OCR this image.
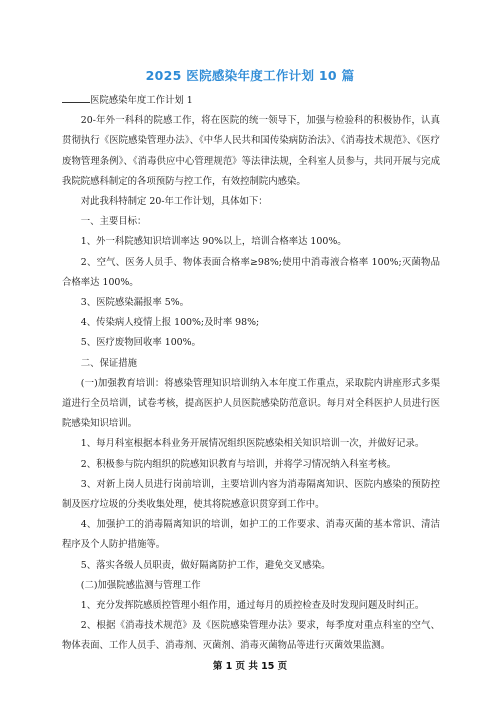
2025 医院感染年度工作计划 10 篇

医院感染年度工作计划 1

20-年外一科科的院感工作，将在医院的统一领导下，加强与检验科的积极协作，认真贯彻执行《医院感染管理办法》、《中华人民共和国传染病防治法》、《消毒技术规范》、《医疗废物管理条例》、《消毒供应中心管理规范》等法律法规，全科室人员参与，共同开展与完成我院院感科制定的各项预防与控工作，有效控制院内感染。

对此我科特制定 20-年工作计划，具体如下：

一、主要目标：

1、外一科院感知识培训率达 90%以上，培训合格率达 100%。

2、空气、医务人员手、物体表面合格率≥98%;使用中消毒液合格率 100%;灭菌物品合格率达 100%。

3、医院感染漏报率 5%。

4、传染病人疫情上报 100%;及时率 98%;

5、医疗废物回收率 100%。

二、保证措施

(一)加强教育培训：将感染管理知识培训纳入本年度工作重点，采取院内讲座形式多渠道进行全员培训，试卷考核，提高医护人员医院感染防范意识。每月对全科医护人员进行医院感染知识培训。

1、每月科室根据本科业务开展情况组织医院感染相关知识培训一次，并做好记录。

2、积极参与院内组织的院感知识教育与培训，并将学习情况纳入科室考核。

3、对新上岗人员进行岗前培训，主要培训内容为消毒隔离知识、医院内感染的预防控制及医疗垃圾的分类收集处理，使其将院感意识贯穿到工作中。

4、加强护工的消毒隔离知识的培训，如护工的工作要求、消毒灭菌的基本常识、清洁程序及个人防护措施等。

5、落实各级人员职责，做好隔离防护工作，避免交叉感染。

(二)加强院感监测与管理工作

1、充分发挥院感质控管理小组作用，通过每月的质控检查及时发现问题及时纠正。

2、根据《消毒技术规范》及《医院感染管理办法》要求，每季度对重点科室的空气、物体表面、工作人员手、消毒剂、灭菌剂、消毒灭菌物品等进行灭菌效果监测。

第 1 页 共 15 页
